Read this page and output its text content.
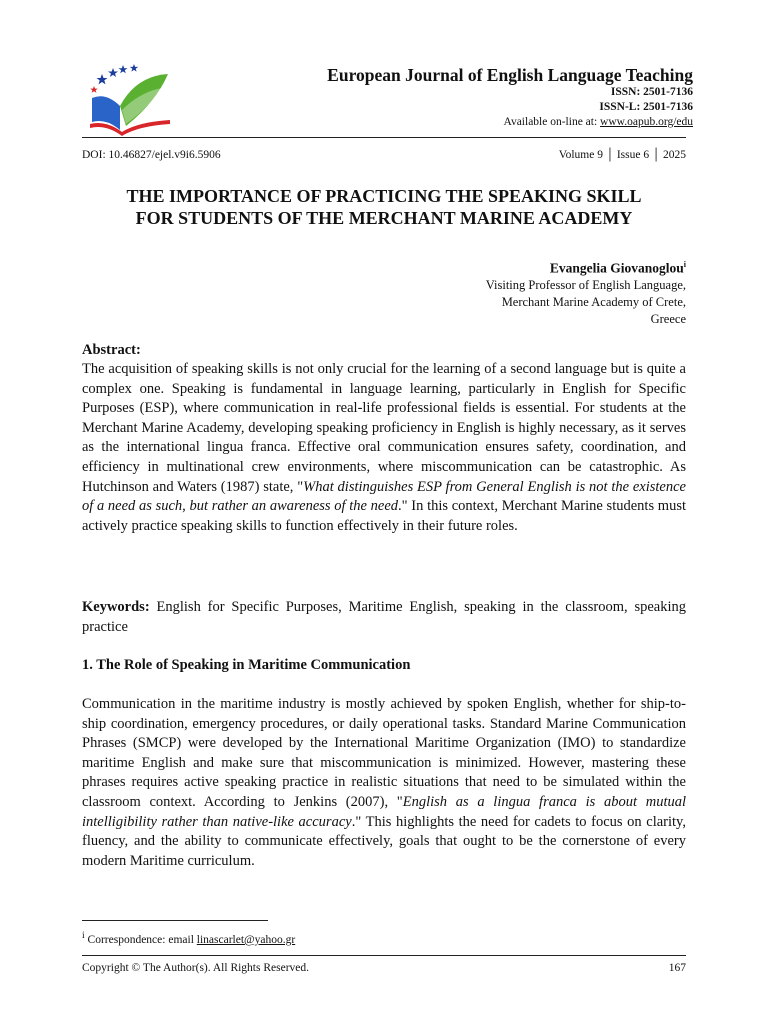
European Journal of English Language Teaching
ISSN: 2501-7136
ISSN-L: 2501-7136
Available on-line at: www.oapub.org/edu
DOI: 10.46827/ejel.v9i6.5906	Volume 9 │ Issue 6 │ 2025
THE IMPORTANCE OF PRACTICING THE SPEAKING SKILL
FOR STUDENTS OF THE MERCHANT MARINE ACADEMY
Evangelia Giovanoglou$^i$
Visiting Professor of English Language,
Merchant Marine Academy of Crete,
Greece
Abstract:
The acquisition of speaking skills is not only crucial for the learning of a second language but is quite a complex one. Speaking is fundamental in language learning, particularly in English for Specific Purposes (ESP), where communication in real-life professional fields is essential. For students at the Merchant Marine Academy, developing speaking proficiency in English is highly necessary, as it serves as the international lingua franca. Effective oral communication ensures safety, coordination, and efficiency in multinational crew environments, where miscommunication can be catastrophic. As Hutchinson and Waters (1987) state, "What distinguishes ESP from General English is not the existence of a need as such, but rather an awareness of the need." In this context, Merchant Marine students must actively practice speaking skills to function effectively in their future roles.
Keywords: English for Specific Purposes, Maritime English, speaking in the classroom, speaking practice
1. The Role of Speaking in Maritime Communication
Communication in the maritime industry is mostly achieved by spoken English, whether for ship-to-ship coordination, emergency procedures, or daily operational tasks. Standard Marine Communication Phrases (SMCP) were developed by the International Maritime Organization (IMO) to standardize maritime English and make sure that miscommunication is minimized. However, mastering these phrases requires active speaking practice in realistic situations that need to be simulated within the classroom context. According to Jenkins (2007), "English as a lingua franca is about mutual intelligibility rather than native-like accuracy." This highlights the need for cadets to focus on clarity, fluency, and the ability to communicate effectively, goals that ought to be the cornerstone of every modern Maritime curriculum.
$^i$ Correspondence: email linascarlet@yahoo.gr
Copyright © The Author(s). All Rights Reserved.	167
